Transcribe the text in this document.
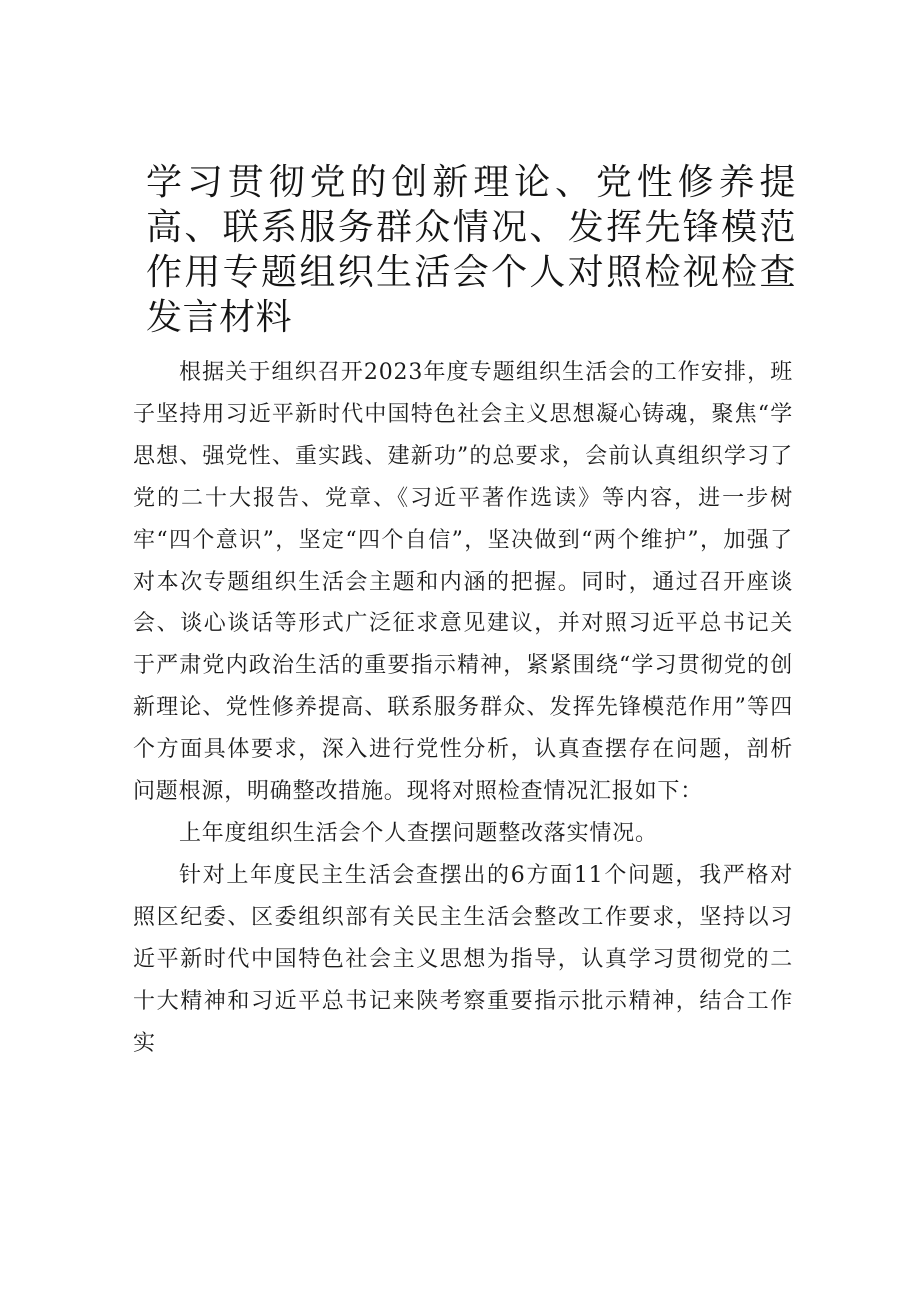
学习贯彻党的创新理论、党性修养提高、联系服务群众情况、发挥先锋模范作用专题组织生活会个人对照检视检查发言材料

根据关于组织召开2023年度专题组织生活会的工作安排，班子坚持用习近平新时代中国特色社会主义思想凝心铸魂，聚焦“学思想、强党性、重实践、建新功”的总要求，会前认真组织学习了党的二十大报告、党章、《习近平著作选读》等内容，进一步树牢“四个意识”，坚定“四个自信”，坚决做到“两个维护”，加强了对本次专题组织生活会主题和内涵的把握。同时，通过召开座谈会、谈心谈话等形式广泛征求意见建议，并对照习近平总书记关于严肃党内政治生活的重要指示精神，紧紧围绕“学习贯彻党的创新理论、党性修养提高、联系服务群众、发挥先锋模范作用”等四个方面具体要求，深入进行党性分析，认真查摆存在问题，剖析问题根源，明确整改措施。现将对照检查情况汇报如下：

上年度组织生活会个人查摆问题整改落实情况。

针对上年度民主生活会查摆出的6方面11个问题，我严格对照区纪委、区委组织部有关民主生活会整改工作要求，坚持以习近平新时代中国特色社会主义思想为指导，认真学习贯彻党的二十大精神和习近平总书记来陕考察重要指示批示精神，结合工作实
